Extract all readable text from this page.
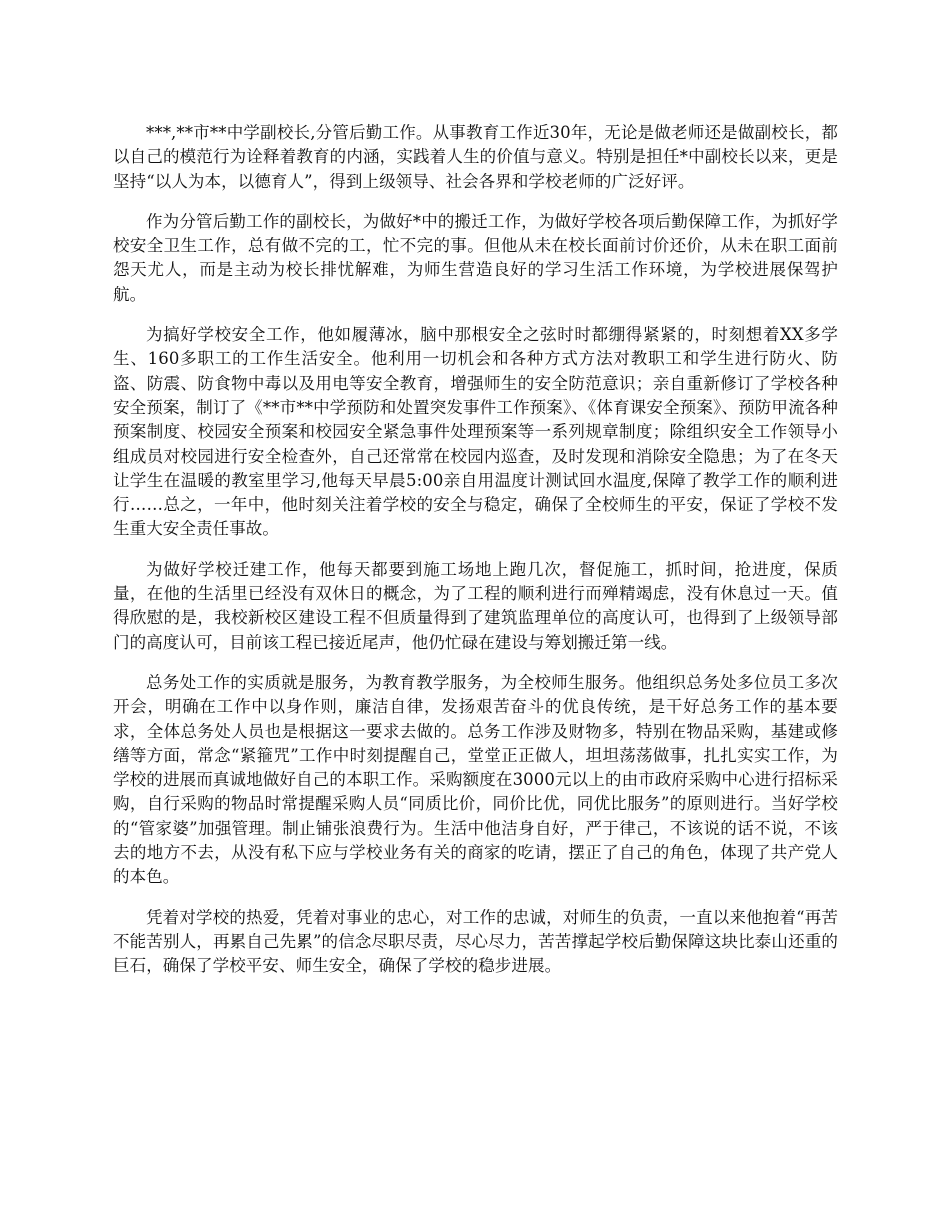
***,**市**中学副校长,分管后勤工作。从事教育工作近30年，无论是做老师还是做副校长，都以自己的模范行为诠释着教育的内涵，实践着人生的价值与意义。特别是担任*中副校长以来，更是坚持“以人为本，以德育人”，得到上级领导、社会各界和学校老师的广泛好评。

作为分管后勤工作的副校长，为做好*中的搬迁工作，为做好学校各项后勤保障工作，为抓好学校安全卫生工作，总有做不完的工，忙不完的事。但他从未在校长面前讨价还价，从未在职工面前怨天尤人，而是主动为校长排忧解难，为师生营造良好的学习生活工作环境，为学校进展保驾护航。

为搞好学校安全工作，他如履薄冰，脑中那根安全之弦时时都绷得紧紧的，时刻想着XX多学生、160多职工的工作生活安全。他利用一切机会和各种方式方法对教职工和学生进行防火、防盗、防震、防食物中毒以及用电等安全教育，增强师生的安全防范意识；亲自重新修订了学校各种安全预案，制订了《**市**中学预防和处置突发事件工作预案》、《体育课安全预案》、预防甲流各种预案制度、校园安全预案和校园安全紧急事件处理预案等一系列规章制度；除组织安全工作领导小组成员对校园进行安全检查外，自己还常常在校园内巡查，及时发现和消除安全隐患；为了在冬天让学生在温暖的教室里学习,他每天早晨5:00亲自用温度计测试回水温度,保障了教学工作的顺利进行……总之，一年中，他时刻关注着学校的安全与稳定，确保了全校师生的平安，保证了学校不发生重大安全责任事故。

为做好学校迁建工作，他每天都要到施工场地上跑几次，督促施工，抓时间，抢进度，保质量，在他的生活里已经没有双休日的概念，为了工程的顺利进行而殚精竭虑，没有休息过一天。值得欣慰的是，我校新校区建设工程不但质量得到了建筑监理单位的高度认可，也得到了上级领导部门的高度认可，目前该工程已接近尾声，他仍忙碌在建设与筹划搬迁第一线。

总务处工作的实质就是服务，为教育教学服务，为全校师生服务。他组织总务处多位员工多次开会，明确在工作中以身作则，廉洁自律，发扬艰苦奋斗的优良传统，是干好总务工作的基本要求，全体总务处人员也是根据这一要求去做的。总务工作涉及财物多，特别在物品采购，基建或修缮等方面，常念“紧箍咒”工作中时刻提醒自己，堂堂正正做人，坦坦荡荡做事，扎扎实实工作，为学校的进展而真诚地做好自己的本职工作。采购额度在3000元以上的由市政府采购中心进行招标采购，自行采购的物品时常提醒采购人员“同质比价，同价比优，同优比服务”的原则进行。当好学校的“管家婆”加强管理。制止铺张浪费行为。生活中他洁身自好，严于律己，不该说的话不说，不该去的地方不去，从没有私下应与学校业务有关的商家的吃请，摆正了自己的角色，体现了共产党人的本色。

凭着对学校的热爱，凭着对事业的忠心，对工作的忠诚，对师生的负责，一直以来他抱着“再苦不能苦别人，再累自己先累”的信念尽职尽责，尽心尽力，苦苦撑起学校后勤保障这块比泰山还重的巨石，确保了学校平安、师生安全，确保了学校的稳步进展。
